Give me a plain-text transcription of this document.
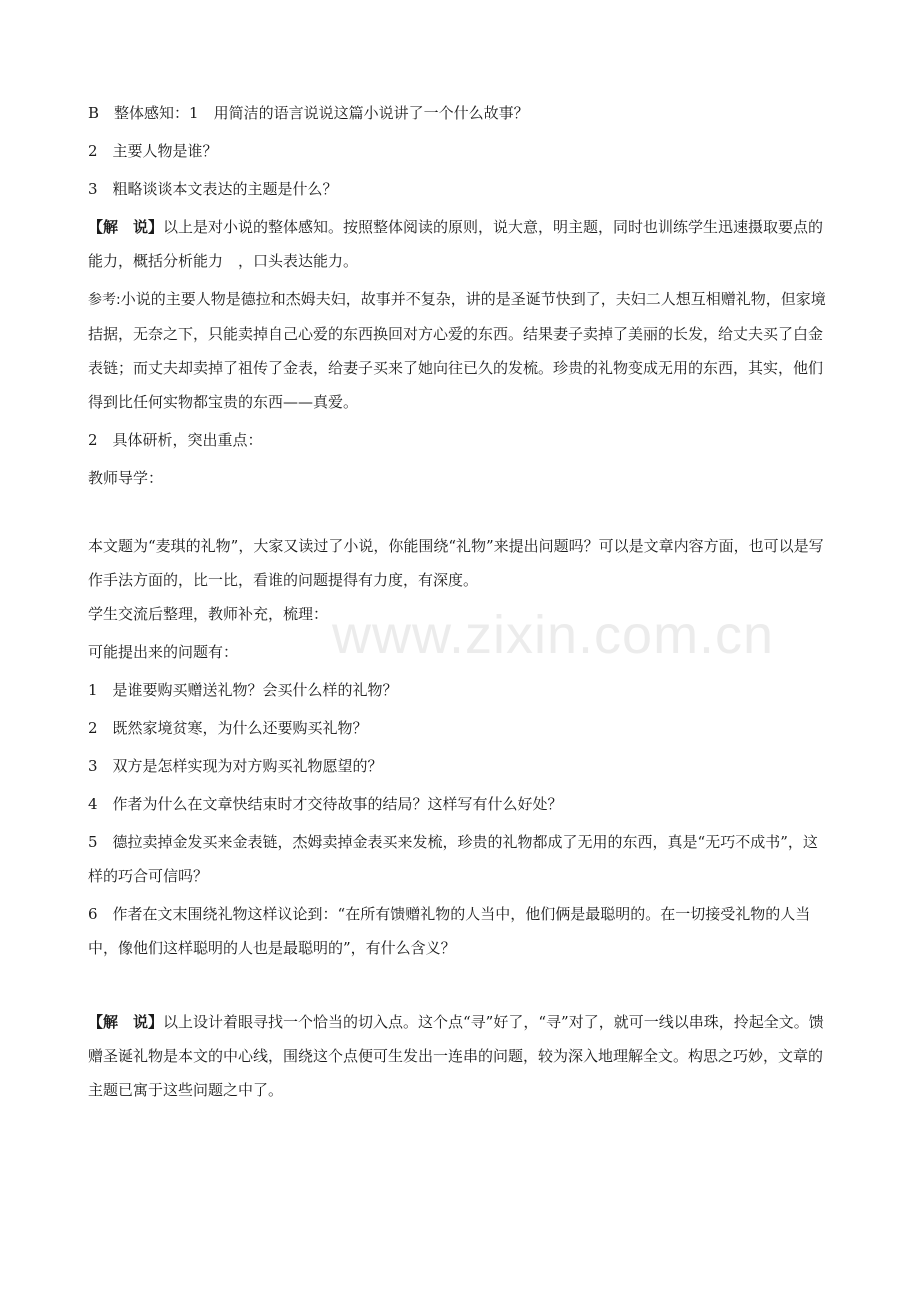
www.zixin.com.cn

B　整体感知：1　用简洁的语言说说这篇小说讲了一个什么故事？

2　主要人物是谁？

3　粗略谈谈本文表达的主题是什么？

【解　说】以上是对小说的整体感知。按照整体阅读的原则，说大意，明主题，同时也训练学生迅速摄取要点的能力，概括分析能力　，口头表达能力。

参考:小说的主要人物是德拉和杰姆夫妇，故事并不复杂，讲的是圣诞节快到了，夫妇二人想互相赠礼物，但家境拮据，无奈之下，只能卖掉自己心爱的东西换回对方心爱的东西。结果妻子卖掉了美丽的长发，给丈夫买了白金表链；而丈夫却卖掉了祖传了金表，给妻子买来了她向往已久的发梳。珍贵的礼物变成无用的东西，其实，他们得到比任何实物都宝贵的东西——真爱。

2　具体研析，突出重点：

教师导学：

本文题为“麦琪的礼物”，大家又读过了小说，你能围绕“礼物”来提出问题吗？可以是文章内容方面，也可以是写作手法方面的，比一比，看谁的问题提得有力度，有深度。

学生交流后整理，教师补充，梳理：

可能提出来的问题有：

1　是谁要购买赠送礼物？会买什么样的礼物？

2　既然家境贫寒，为什么还要购买礼物？

3　双方是怎样实现为对方购买礼物愿望的？

4　作者为什么在文章快结束时才交待故事的结局？这样写有什么好处？

5　德拉卖掉金发买来金表链，杰姆卖掉金表买来发梳，珍贵的礼物都成了无用的东西，真是“无巧不成书”，这样的巧合可信吗？

6　作者在文末围绕礼物这样议论到：“在所有馈赠礼物的人当中，他们俩是最聪明的。在一切接受礼物的人当中，像他们这样聪明的人也是最聪明的”，有什么含义？

【解　说】以上设计着眼寻找一个恰当的切入点。这个点“寻”好了，“寻”对了，就可一线以串珠，拎起全文。馈赠圣诞礼物是本文的中心线，围绕这个点便可生发出一连串的问题，较为深入地理解全文。构思之巧妙，文章的主题已寓于这些问题之中了。
